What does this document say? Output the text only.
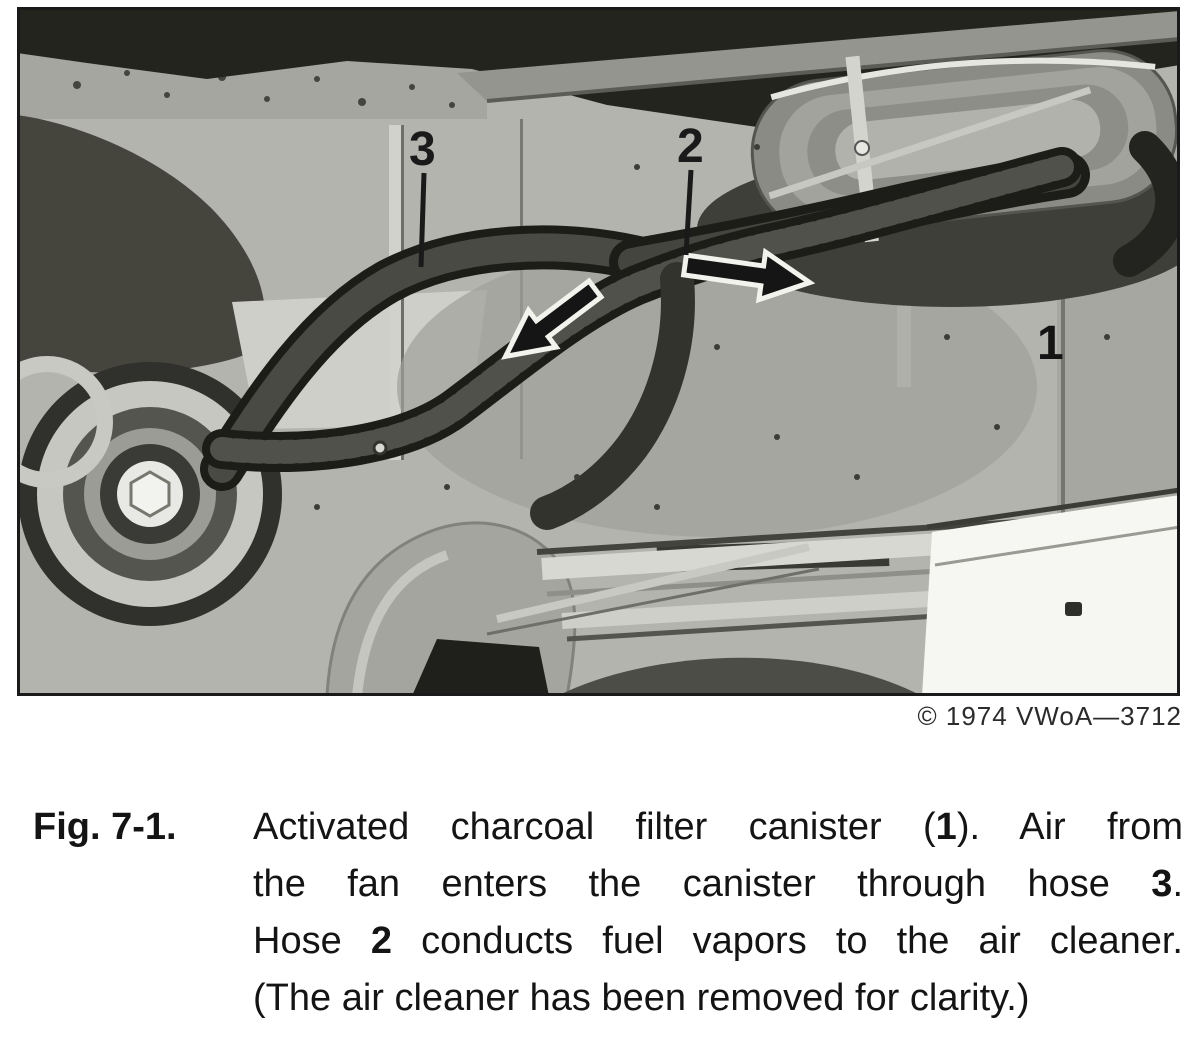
3	2
1
© 1974 VWoA—3712
Fig. 7-1.	Activated charcoal filter canister (1). Air from
the fan enters the canister through hose 3.
Hose 2 conducts fuel vapors to the air cleaner.
(The air cleaner has been removed for clarity.)
